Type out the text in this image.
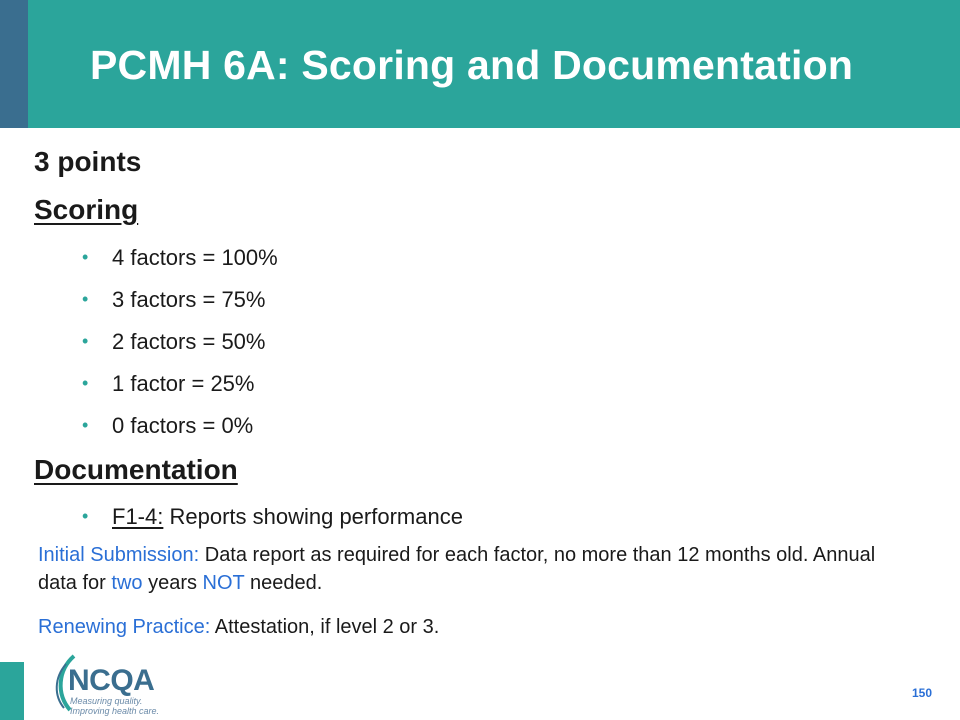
PCMH 6A: Scoring and Documentation
3 points
Scoring
• 4 factors = 100%
• 3 factors = 75%
• 2 factors = 50%
• 1 factor = 25%
• 0 factors = 0%
Documentation
• F1-4: Reports showing performance

Initial Submission: Data report as required for each factor, no more than 12 months old. Annual data for two years NOT needed.

Renewing Practice: Attestation, if level 2 or 3.

NCQA
Measuring quality.
Improving health care.
150
